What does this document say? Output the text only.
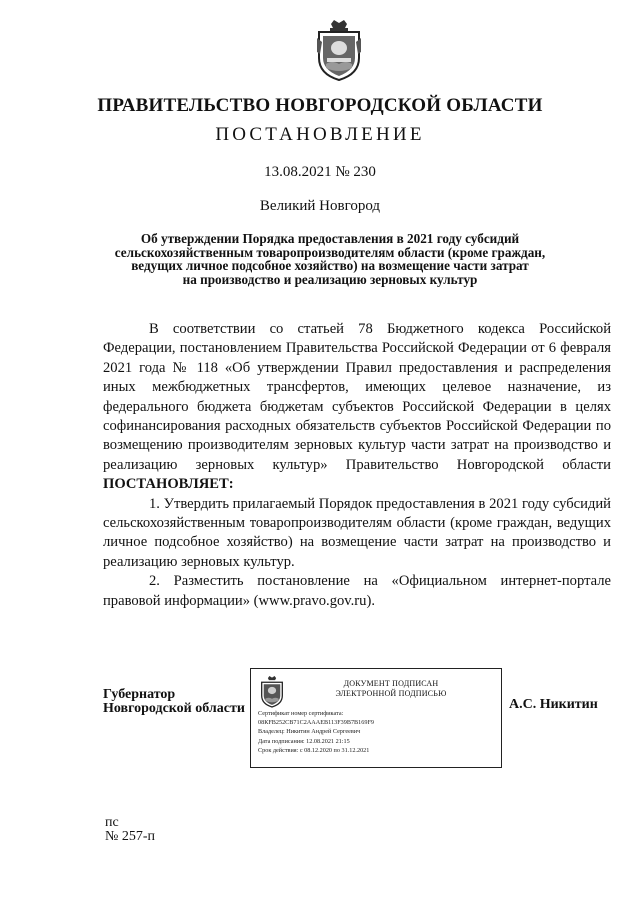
ПРАВИТЕЛЬСТВО НОВГОРОДСКОЙ ОБЛАСТИ
ПОСТАНОВЛЕНИЕ
13.08.2021 № 230
Великий Новгород
Об утверждении Порядка предоставления в 2021 году субсидий
сельскохозяйственным товаропроизводителям области (кроме граждан,
ведущих личное подсобное хозяйство) на возмещение части затрат
на производство и реализацию зерновых культур

В соответствии со статьей 78 Бюджетного кодекса Российской Федерации, постановлением Правительства Российской Федерации от 6 февраля 2021 года № 118 «Об утверждении Правил предоставления и распределения иных межбюджетных трансфертов, имеющих целевое назначение, из федерального бюджета бюджетам субъектов Российской Федерации в целях софинансирования расходных обязательств субъектов Российской Федерации по возмещению производителям зерновых культур части затрат на производство и реализацию зерновых культур» Правительство Новгородской области ПОСТАНОВЛЯЕТ:

1. Утвердить прилагаемый Порядок предоставления в 2021 году субсидий сельскохозяйственным товаропроизводителям области (кроме граждан, ведущих личное подсобное хозяйство) на возмещение части затрат на производство и реализацию зерновых культур.

2. Разместить постановление на «Официальном интернет-портале правовой информации» (www.pravo.gov.ru).

Губернатор
Новгородской области
ДОКУМЕНТ ПОДПИСАН
ЭЛЕКТРОННОЙ ПОДПИСЬЮ
Сертификат номер сертификата:
08КFB252CB71C2AAAEB113F39B7B169F9
Владелец: Никитин Андрей Сергеевич
Дата подписания: 12.08.2021 21:15
Срок действия: с 08.12.2020 по 31.12.2021
А.С. Никитин
пс
№ 257-п
